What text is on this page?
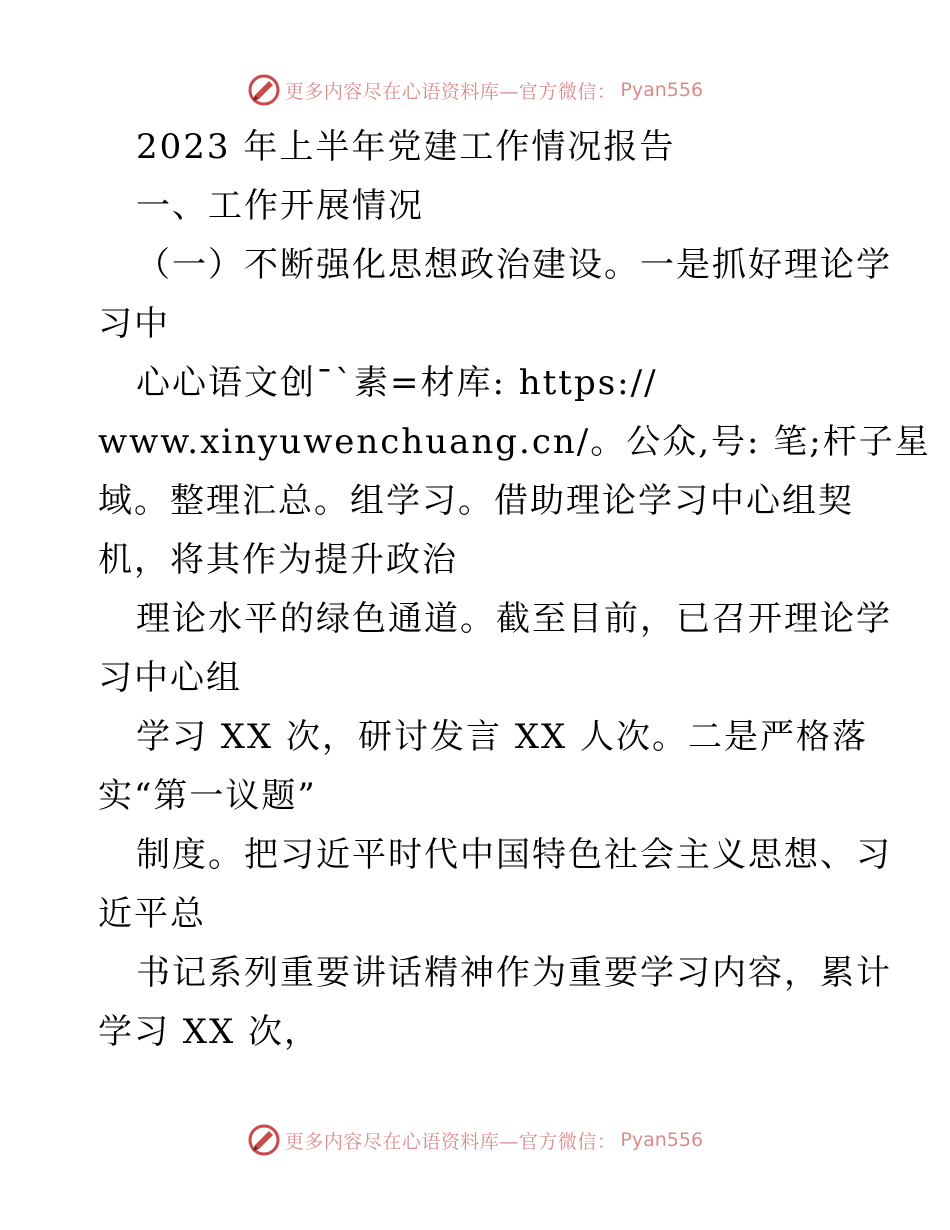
更多内容尽在心语资料库—官方微信： Pyan556
2023 年上半年党建工作情况报告
一、工作开展情况
（一）不断强化思想政治建设。一是抓好理论学
习中
心心语文创¯`素=材库: https://
www.xinyuwenchuang.cn/。公众,号: 笔;杆子星
域。整理汇总。组学习。借助理论学习中心组契
机，将其作为提升政治
理论水平的绿色通道。截至目前，已召开理论学
习中心组
学习 XX 次，研讨发言 XX 人次。二是严格落
实“第一议题”
制度。把习近平时代中国特色社会主义思想、习
近平总
书记系列重要讲话精神作为重要学习内容，累计
学习 XX 次，
更多内容尽在心语资料库—官方微信： Pyan556
